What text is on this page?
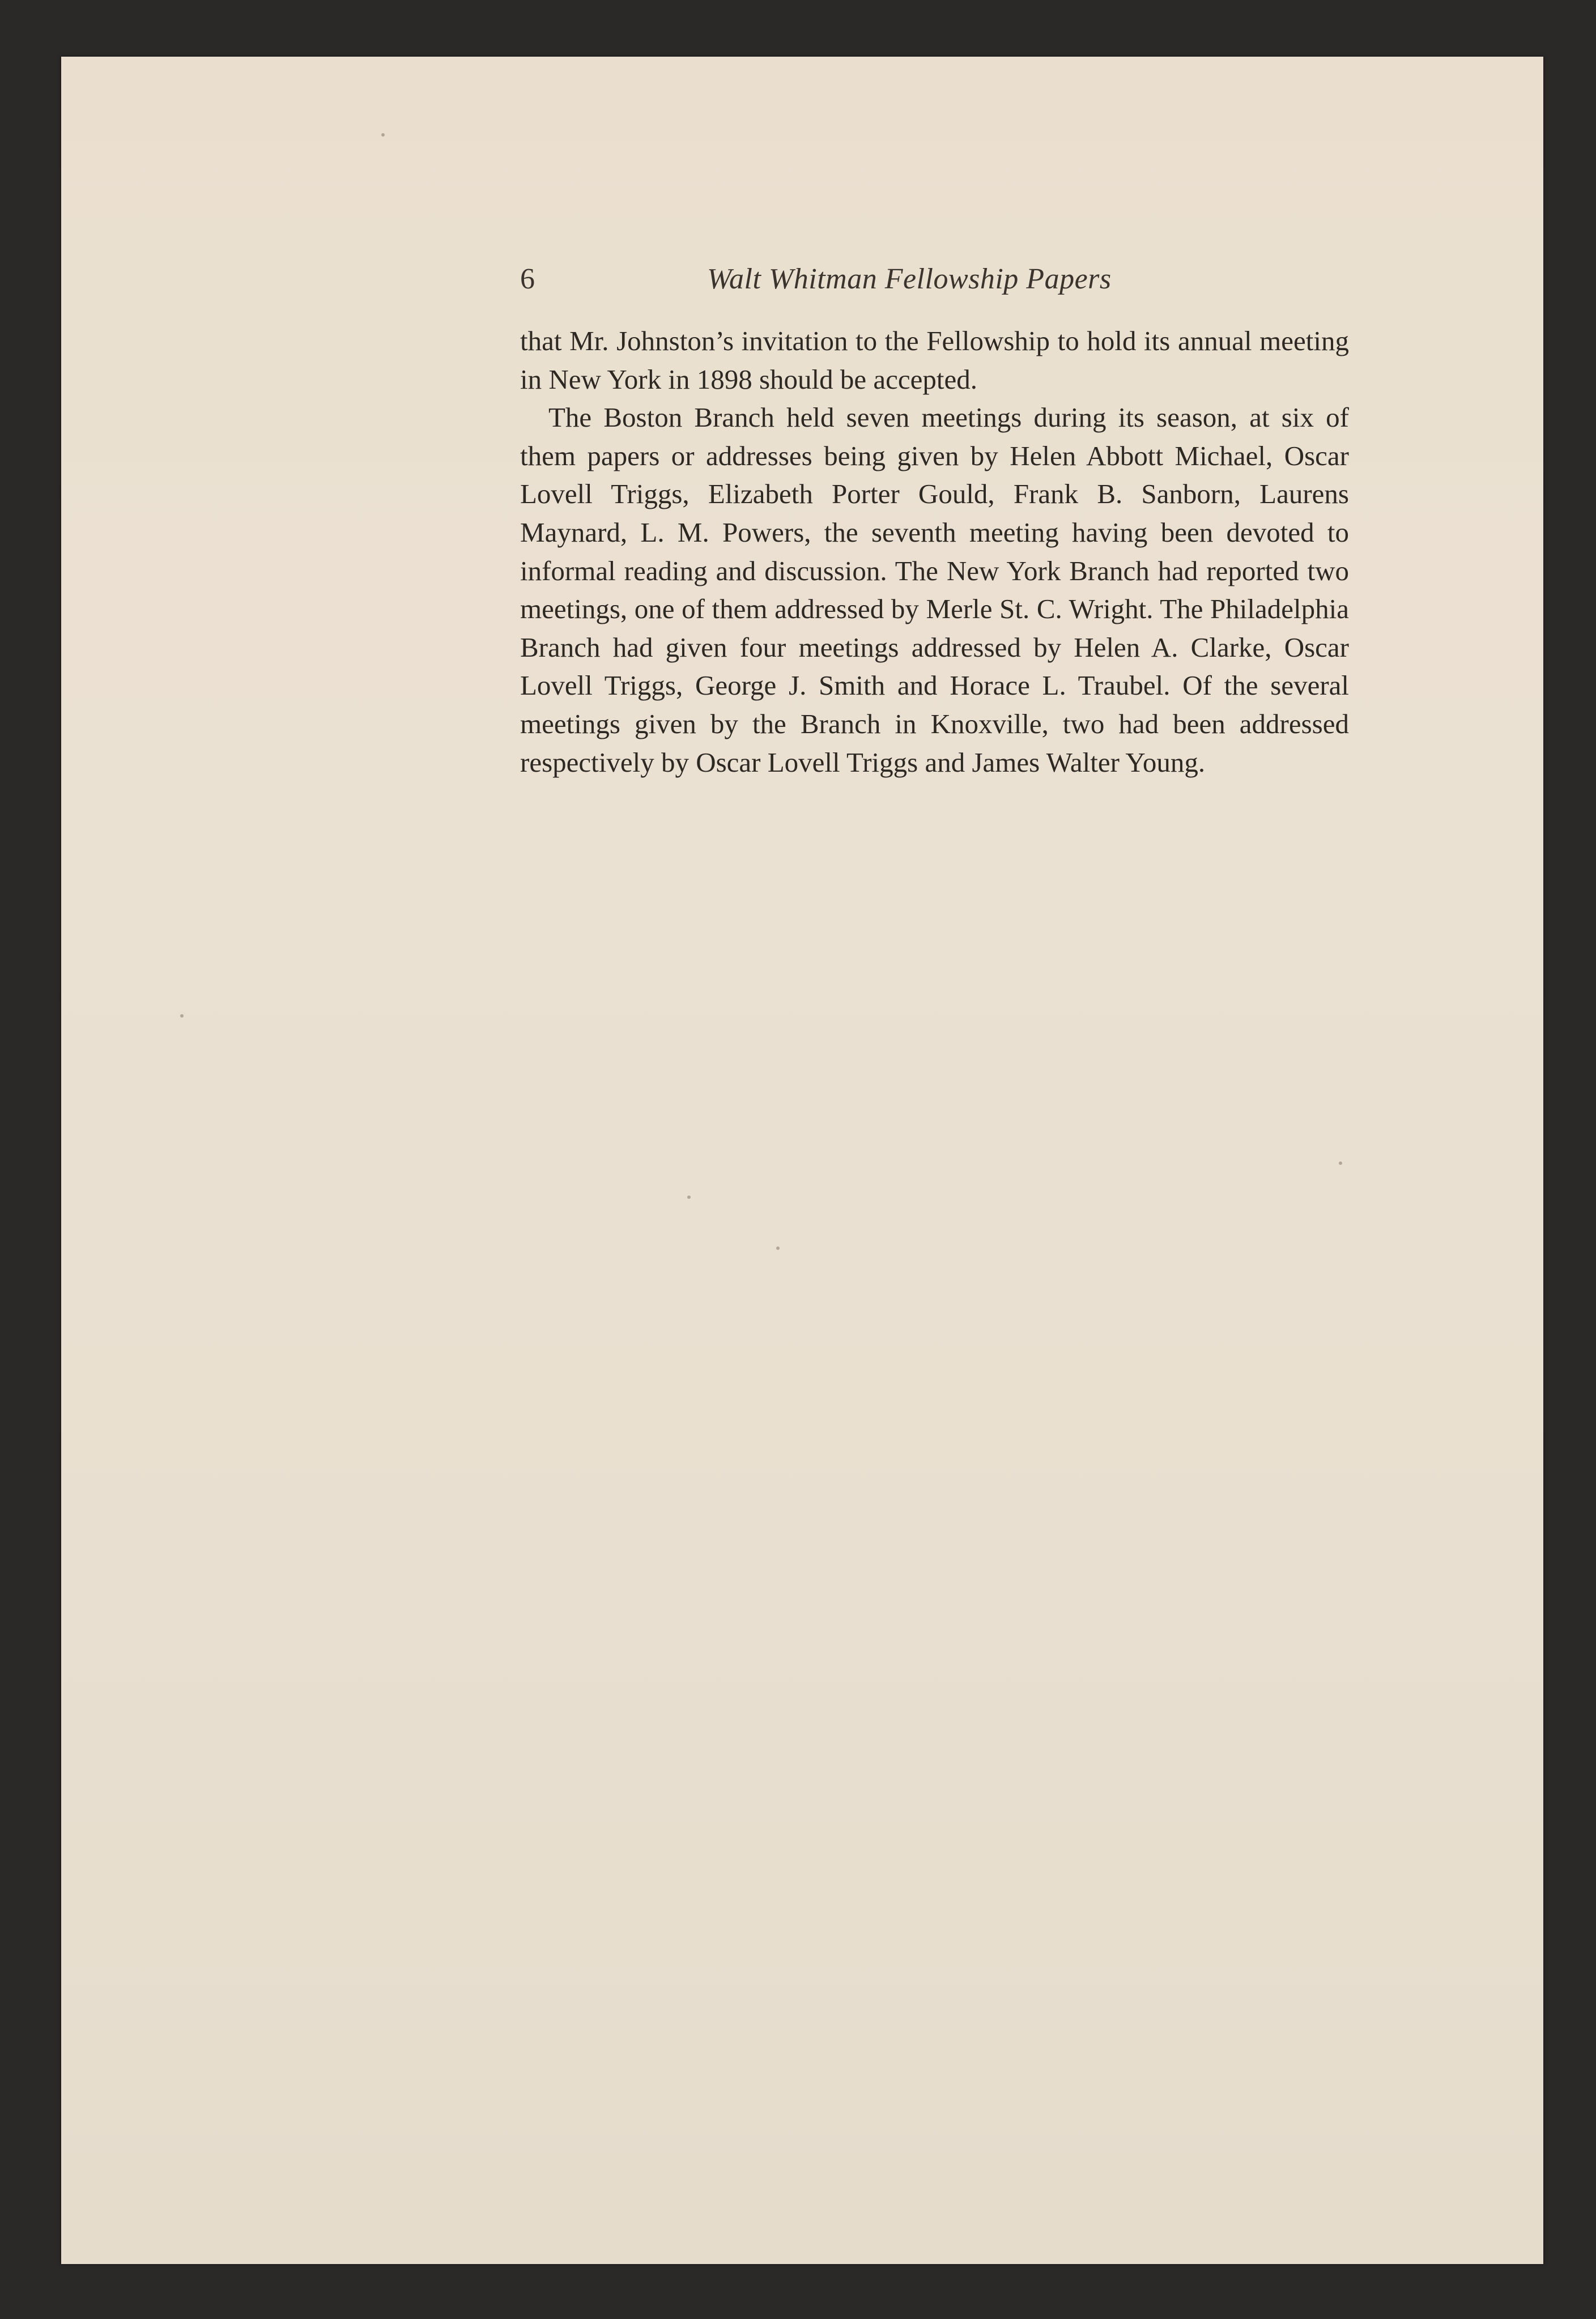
6	Walt Whitman Fellowship Papers

that Mr. Johnston’s invitation to the Fellowship to hold its annual meeting in New York in 1898 should be accepted.

The Boston Branch held seven meetings during its season, at six of them papers or addresses being given by Helen Abbott Michael, Oscar Lovell Triggs, Elizabeth Porter Gould, Frank B. Sanborn, Laurens Maynard, L. M. Powers, the seventh meeting having been devoted to informal reading and discussion. The New York Branch had reported two meetings, one of them addressed by Merle St. C. Wright. The Philadelphia Branch had given four meetings addressed by Helen A. Clarke, Oscar Lovell Triggs, George J. Smith and Horace L. Traubel. Of the several meetings given by the Branch in Knoxville, two had been addressed respectively by Oscar Lovell Triggs and James Walter Young.
